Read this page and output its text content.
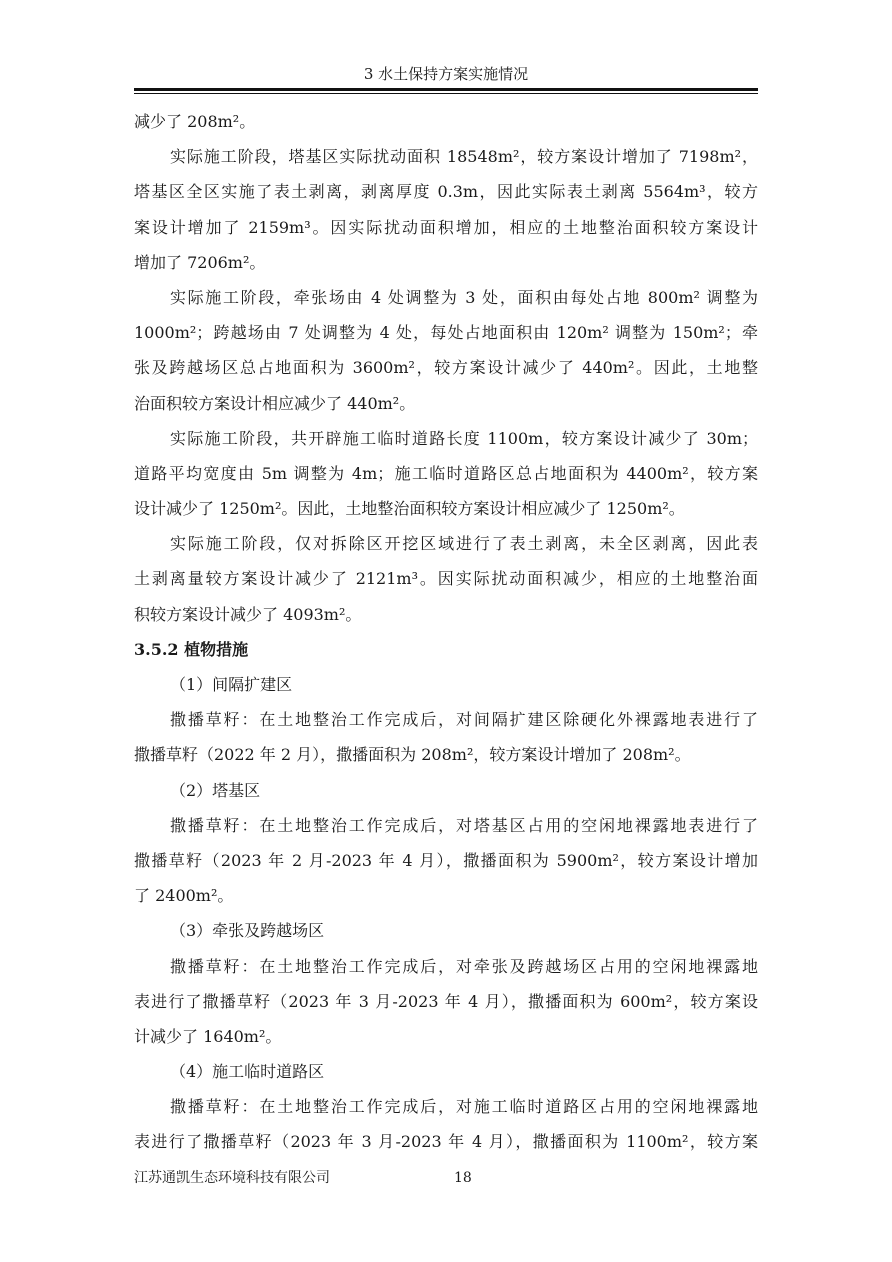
3 水土保持方案实施情况
减少了 208m²。
实际施工阶段，塔基区实际扰动面积 18548m²，较方案设计增加了 7198m²，
塔基区全区实施了表土剥离，剥离厚度 0.3m，因此实际表土剥离 5564m³，较方
案设计增加了 2159m³。因实际扰动面积增加，相应的土地整治面积较方案设计
增加了 7206m²。
实际施工阶段，牵张场由 4 处调整为 3 处，面积由每处占地 800m² 调整为
1000m²；跨越场由 7 处调整为 4 处，每处占地面积由 120m² 调整为 150m²；牵
张及跨越场区总占地面积为 3600m²，较方案设计减少了 440m²。因此，土地整
治面积较方案设计相应减少了 440m²。
实际施工阶段，共开辟施工临时道路长度 1100m，较方案设计减少了 30m；
道路平均宽度由 5m 调整为 4m；施工临时道路区总占地面积为 4400m²，较方案
设计减少了 1250m²。因此，土地整治面积较方案设计相应减少了 1250m²。
实际施工阶段，仅对拆除区开挖区域进行了表土剥离，未全区剥离，因此表
土剥离量较方案设计减少了 2121m³。因实际扰动面积减少，相应的土地整治面
积较方案设计减少了 4093m²。
3.5.2 植物措施
（1）间隔扩建区
撒播草籽：在土地整治工作完成后，对间隔扩建区除硬化外裸露地表进行了
撒播草籽（2022 年 2 月），撒播面积为 208m²，较方案设计增加了 208m²。
（2）塔基区
撒播草籽：在土地整治工作完成后，对塔基区占用的空闲地裸露地表进行了
撒播草籽（2023 年 2 月-2023 年 4 月），撒播面积为 5900m²，较方案设计增加
了 2400m²。
（3）牵张及跨越场区
撒播草籽：在土地整治工作完成后，对牵张及跨越场区占用的空闲地裸露地
表进行了撒播草籽（2023 年 3 月-2023 年 4 月），撒播面积为 600m²，较方案设
计减少了 1640m²。
（4）施工临时道路区
撒播草籽：在土地整治工作完成后，对施工临时道路区占用的空闲地裸露地
表进行了撒播草籽（2023 年 3 月-2023 年 4 月），撒播面积为 1100m²，较方案
江苏通凯生态环境科技有限公司	18
